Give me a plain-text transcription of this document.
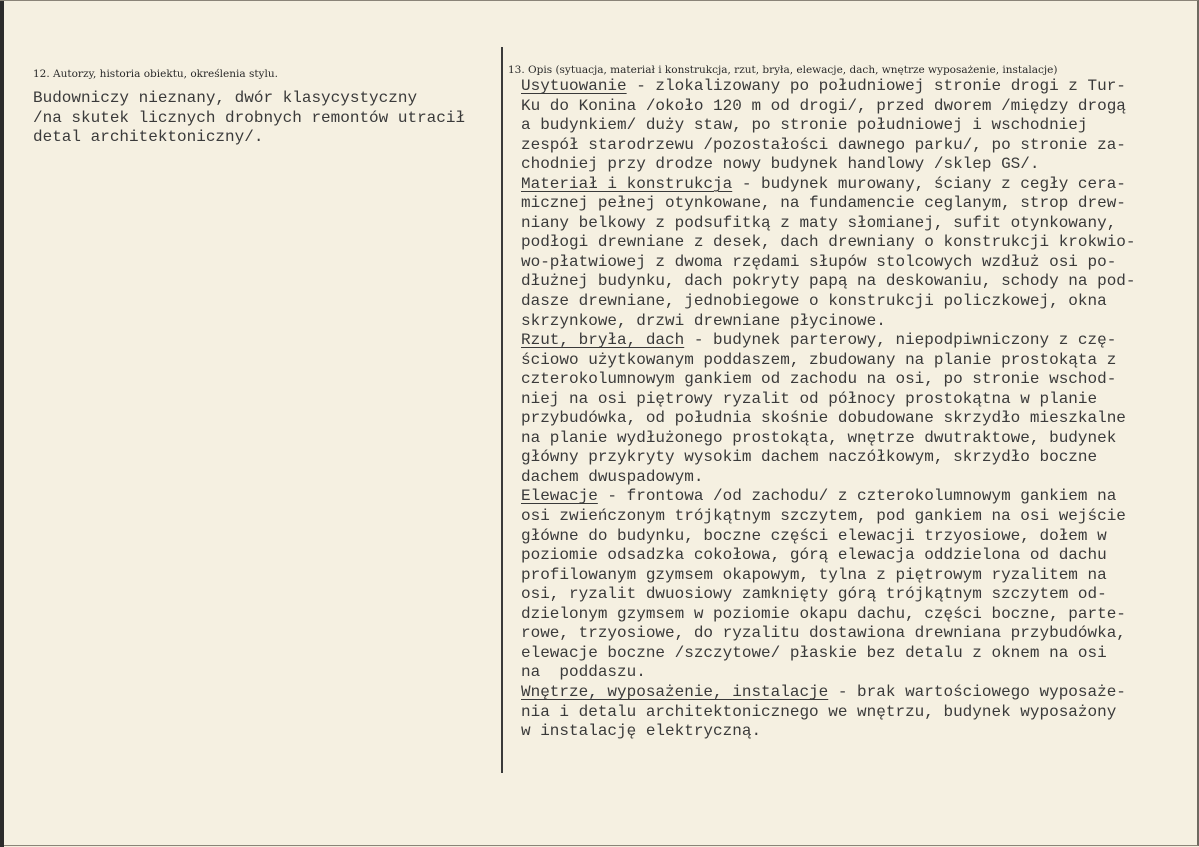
12. Autorzy, historia obiektu, określenia stylu.
Budowniczy nieznany, dwór klasycystyczny
/na skutek licznych drobnych remontów utracił
detal architektoniczny/.
13. Opis (sytuacja, materiał i konstrukcja, rzut, bryła, elewacje, dach, wnętrze wyposażenie, instalacje)
Usytuowanie - zlokalizowany po południowej stronie drogi z Tur-
Ku do Konina /około 120 m od drogi/, przed dworem /między drogą
a budynkiem/ duży staw, po stronie południowej i wschodniej
zespół starodrzewu /pozostałości dawnego parku/, po stronie za-
chodniej przy drodze nowy budynek handlowy /sklep GS/.
Materiał i konstrukcja - budynek murowany, ściany z cegły cera-
micznej pełnej otynkowane, na fundamencie ceglanym, strop drew-
niany belkowy z podsufitką z maty słomianej, sufit otynkowany,
podłogi drewniane z desek, dach drewniany o konstrukcji krokwio-
wo-płatwiowej z dwoma rzędami słupów stolcowych wzdłuż osi po-
dłużnej budynku, dach pokryty papą na deskowaniu, schody na pod-
dasze drewniane, jednobiegowe o konstrukcji policzkowej, okna
skrzynkowe, drzwi drewniane płycinowe.
Rzut, bryła, dach - budynek parterowy, niepodpiwniczony z czę-
ściowo użytkowanym poddaszem, zbudowany na planie prostokąta z
czterokolumnowym gankiem od zachodu na osi, po stronie wschod-
niej na osi piętrowy ryzalit od północy prostokątna w planie
przybudówka, od południa skośnie dobudowane skrzydło mieszkalne
na planie wydłużonego prostokąta, wnętrze dwutraktowe, budynek
główny przykryty wysokim dachem naczółkowym, skrzydło boczne
dachem dwuspadowym.
Elewacje - frontowa /od zachodu/ z czterokolumnowym gankiem na
osi zwieńczonym trójkątnym szczytem, pod gankiem na osi wejście
główne do budynku, boczne części elewacji trzyosiowe, dołem w
poziomie odsadzka cokołowa, górą elewacja oddzielona od dachu
profilowanym gzymsem okapowym, tylna z piętrowym ryzalitem na
osi, ryzalit dwuosiowy zamknięty górą trójkątnym szczytem od-
dzielonym gzymsem w poziomie okapu dachu, części boczne, parte-
rowe, trzyosiowe, do ryzalitu dostawiona drewniana przybudówka,
elewacje boczne /szczytowe/ płaskie bez detalu z oknem na osi
na  poddaszu.
Wnętrze, wyposażenie, instalacje - brak wartościowego wyposaże-
nia i detalu architektonicznego we wnętrzu, budynek wyposażony
w instalację elektryczną.
